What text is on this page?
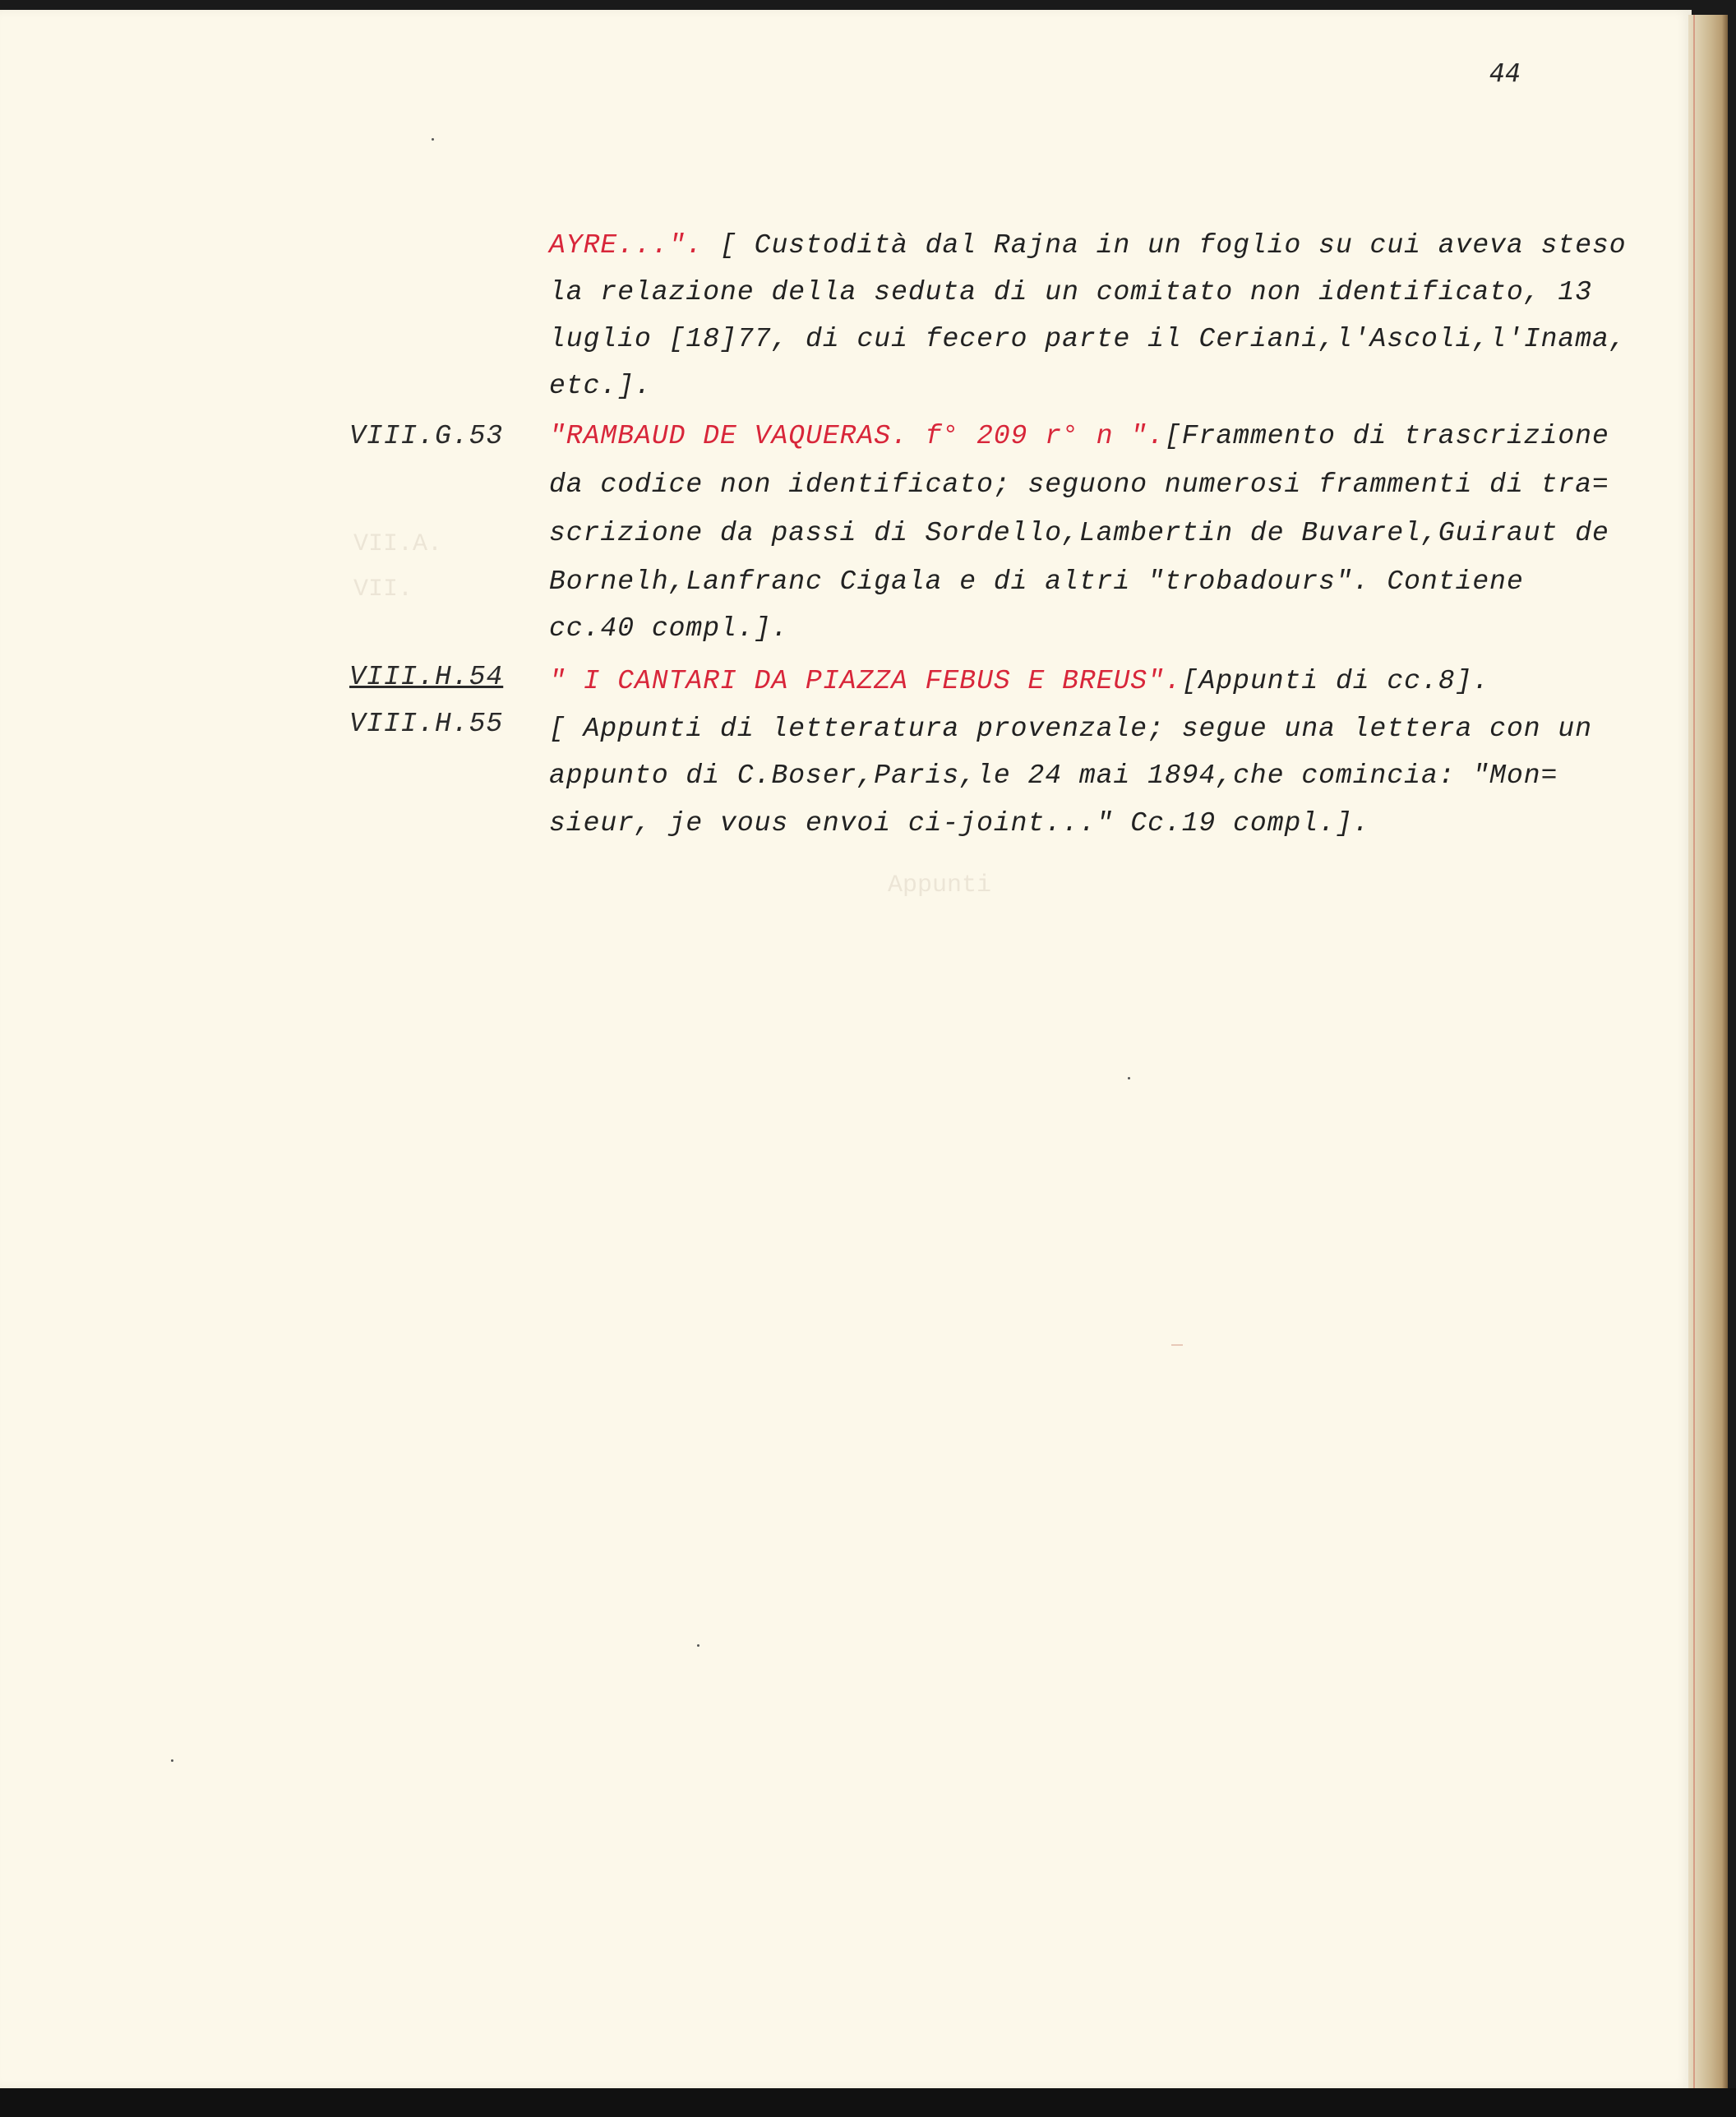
VII.A.
VII.
Appunti
44
AYRE...". [ Custodità dal Rajna in un foglio su cui aveva steso
la relazione della seduta di un comitato non identificato, 13
luglio [18]77, di cui fecero parte il Ceriani,l'Ascoli,l'Inama,
etc.].
VIII.G.53 "RAMBAUD DE VAQUERAS. f° 209 r° n ".[Frammento di trascrizione
da codice non identificato; seguono numerosi frammenti di tra=
scrizione da passi di Sordello,Lambertin de Buvarel,Guiraut de
Bornelh,Lanfranc Cigala e di altri "trobadours". Contiene
cc.40 compl.].
VIII.H.54 " I CANTARI DA PIAZZA FEBUS E BREUS".[Appunti di cc.8].
VIII.H.55 [ Appunti di letteratura provenzale; segue una lettera con un
appunto di C.Boser,Paris,le 24 mai 1894,che comincia: "Mon=
sieur, je vous envoi ci-joint..." Cc.19 compl.].
